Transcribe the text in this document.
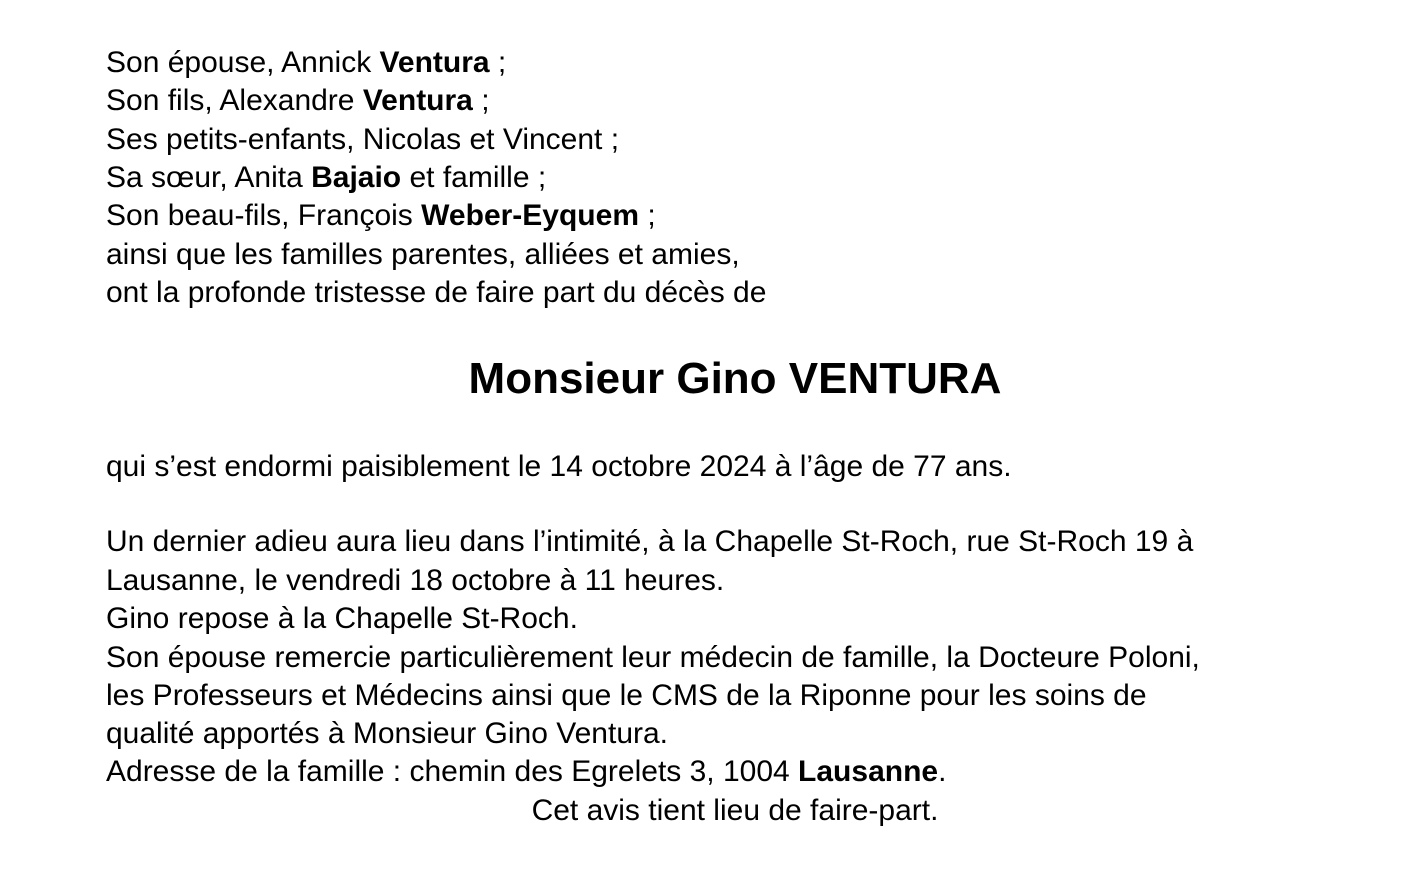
Son épouse, Annick Ventura ;
Son fils, Alexandre Ventura ;
Ses petits-enfants, Nicolas et Vincent ;
Sa sœur, Anita Bajaio et famille ;
Son beau-fils, François Weber-Eyquem ;
ainsi que les familles parentes, alliées et amies,
ont la profonde tristesse de faire part du décès de
Monsieur Gino VENTURA
qui s’est endormi paisiblement le 14 octobre 2024 à l’âge de 77 ans.
Un dernier adieu aura lieu dans l’intimité, à la Chapelle St-Roch, rue St-Roch 19 à
Lausanne, le vendredi 18 octobre à 11 heures.
Gino repose à la Chapelle St-Roch.
Son épouse remercie particulièrement leur médecin de famille, la Docteure Poloni,
les Professeurs et Médecins ainsi que le CMS de la Riponne pour les soins de
qualité apportés à Monsieur Gino Ventura.
Adresse de la famille : chemin des Egrelets 3, 1004 Lausanne.
Cet avis tient lieu de faire-part.
